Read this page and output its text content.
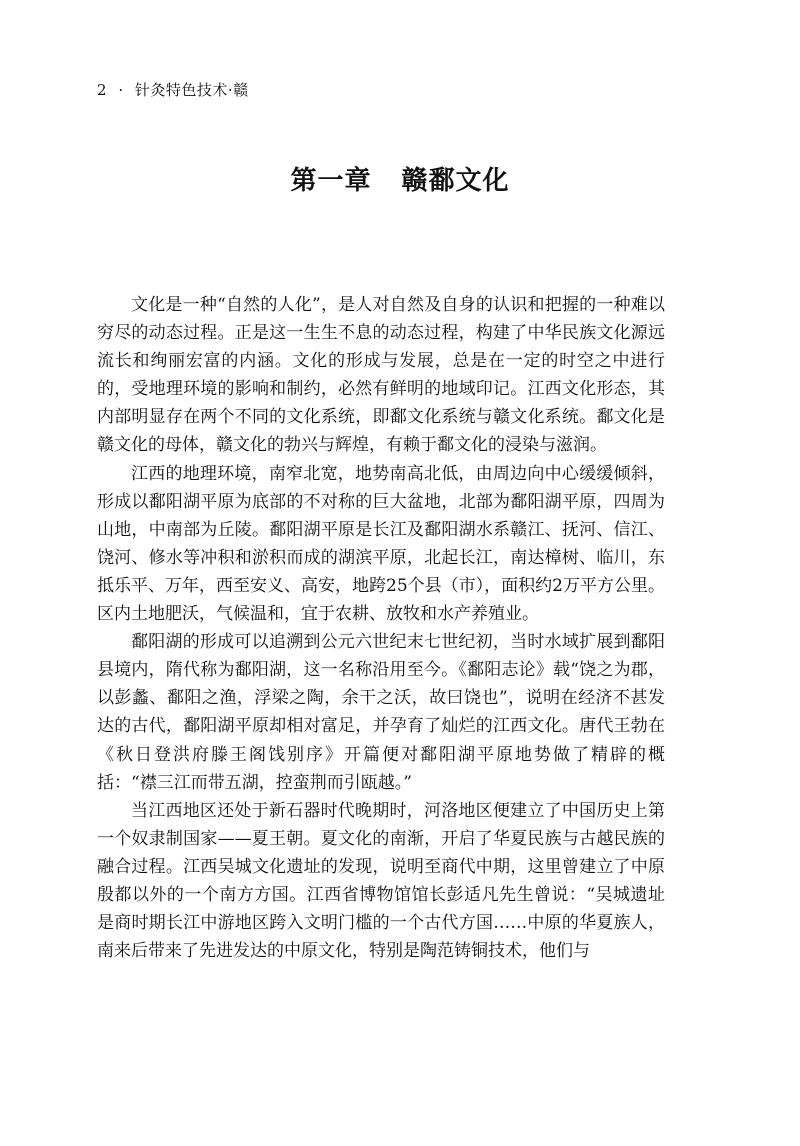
2 · 针灸特色技术·赣
第一章 赣鄱文化

文化是一种“自然的人化”，是人对自然及自身的认识和把握的一种难以穷尽的动态过程。正是这一生生不息的动态过程，构建了中华民族文化源远流长和绚丽宏富的内涵。文化的形成与发展，总是在一定的时空之中进行的，受地理环境的影响和制约，必然有鲜明的地域印记。江西文化形态，其内部明显存在两个不同的文化系统，即鄱文化系统与赣文化系统。鄱文化是赣文化的母体，赣文化的勃兴与辉煌，有赖于鄱文化的浸染与滋润。

江西的地理环境，南窄北宽，地势南高北低，由周边向中心缓缓倾斜，形成以鄱阳湖平原为底部的不对称的巨大盆地，北部为鄱阳湖平原，四周为山地，中南部为丘陵。鄱阳湖平原是长江及鄱阳湖水系赣江、抚河、信江、饶河、修水等冲积和淤积而成的湖滨平原，北起长江，南达樟树、临川，东抵乐平、万年，西至安义、高安，地跨25个县（市），面积约2万平方公里。区内土地肥沃，气候温和，宜于农耕、放牧和水产养殖业。

鄱阳湖的形成可以追溯到公元六世纪末七世纪初，当时水域扩展到鄱阳县境内，隋代称为鄱阳湖，这一名称沿用至今。《鄱阳志论》载“饶之为郡，以彭蠡、鄱阳之渔，浮梁之陶，余干之沃，故曰饶也”，说明在经济不甚发达的古代，鄱阳湖平原却相对富足，并孕育了灿烂的江西文化。唐代王勃在《秋日登洪府滕王阁饯别序》开篇便对鄱阳湖平原地势做了精辟的概括：“襟三江而带五湖，控蛮荆而引瓯越。”

当江西地区还处于新石器时代晚期时，河洛地区便建立了中国历史上第一个奴隶制国家——夏王朝。夏文化的南渐，开启了华夏民族与古越民族的融合过程。江西吴城文化遗址的发现，说明至商代中期，这里曾建立了中原殷都以外的一个南方方国。江西省博物馆馆长彭适凡先生曾说：“吴城遗址是商时期长江中游地区跨入文明门槛的一个古代方国……中原的华夏族人，南来后带来了先进发达的中原文化，特别是陶范铸铜技术，他们与
